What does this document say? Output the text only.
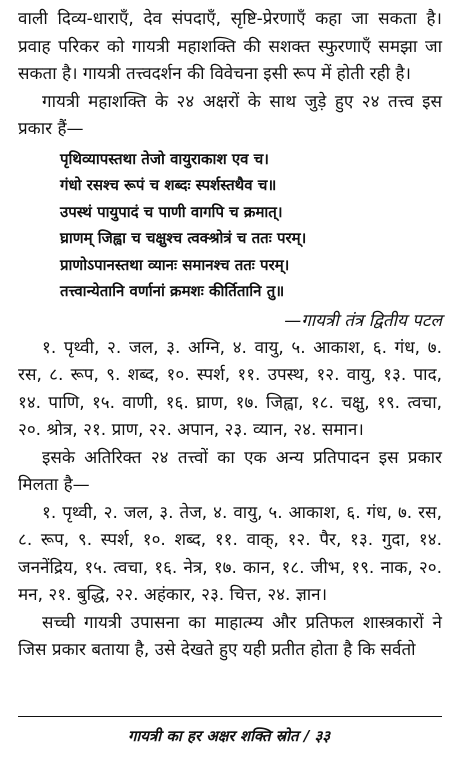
वाली दिव्य-धाराएँ, देव संपदाएँ, सृष्टि-प्रेरणाएँ कहा जा सकता है। प्रवाह परिकर को गायत्री महाशक्ति की सशक्त स्फुरणाएँ समझा जा सकता है। गायत्री तत्त्वदर्शन की विवेचना इसी रूप में होती रही है।

गायत्री महाशक्ति के २४ अक्षरों के साथ जुड़े हुए २४ तत्त्व इस प्रकार हैं—

पृथिव्यापस्तथा तेजो वायुराकाश एव च।
गंधो रसश्च रूपं च शब्दः स्पर्शस्तथैव च॥
उपस्थं पायुपादं च पाणी वागपि च क्रमात्।
घ्राणम् जिह्वा च चक्षुश्च त्वक्श्रोत्रं च ततः परम्।
प्राणोऽपानस्तथा व्यानः समानश्च ततः परम्।
तत्त्वान्येतानि वर्णानां क्रमशः कीर्तितानि तु॥

—गायत्री तंत्र द्वितीय पटल

१. पृथ्वी, २. जल, ३. अग्नि, ४. वायु, ५. आकाश, ६. गंध, ७. रस, ८. रूप, ९. शब्द, १०. स्पर्श, ११. उपस्थ, १२. वायु, १३. पाद, १४. पाणि, १५. वाणी, १६. घ्राण, १७. जिह्वा, १८. चक्षु, १९. त्वचा, २०. श्रोत्र, २१. प्राण, २२. अपान, २३. व्यान, २४. समान।

इसके अतिरिक्त २४ तत्त्वों का एक अन्य प्रतिपादन इस प्रकार मिलता है—

१. पृथ्वी, २. जल, ३. तेज, ४. वायु, ५. आकाश, ६. गंध, ७. रस, ८. रूप, ९. स्पर्श, १०. शब्द, ११. वाक्, १२. पैर, १३. गुदा, १४. जननेंद्रिय, १५. त्वचा, १६. नेत्र, १७. कान, १८. जीभ, १९. नाक, २०. मन, २१. बुद्धि, २२. अहंकार, २३. चित्त, २४. ज्ञान।

सच्ची गायत्री उपासना का माहात्म्य और प्रतिफल शास्त्रकारों ने जिस प्रकार बताया है, उसे देखते हुए यही प्रतीत होता है कि सर्वतो

गायत्री का हर अक्षर शक्ति स्रोत / ३३
